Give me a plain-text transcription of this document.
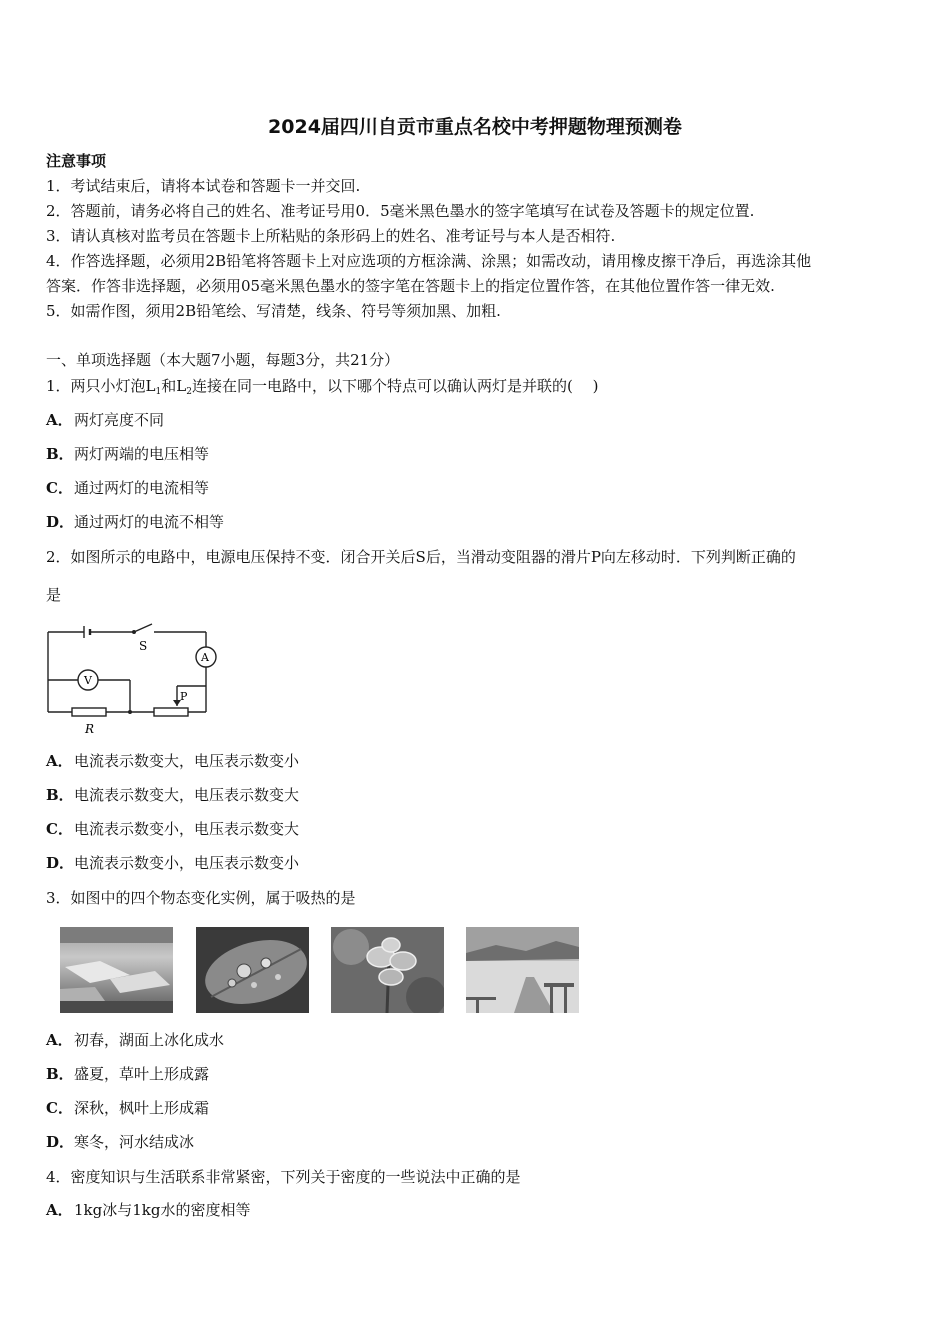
2024届四川自贡市重点名校中考押题物理预测卷
注意事项
1．考试结束后，请将本试卷和答题卡一并交回.
2．答题前，请务必将自己的姓名、准考证号用0．5毫米黑色墨水的签字笔填写在试卷及答题卡的规定位置.
3．请认真核对监考员在答题卡上所粘贴的条形码上的姓名、准考证号与本人是否相符.
4．作答选择题，必须用2B铅笔将答题卡上对应选项的方框涂满、涂黑；如需改动，请用橡皮擦干净后，再选涂其他
答案．作答非选择题，必须用05毫米黑色墨水的签字笔在答题卡上的指定位置作答，在其他位置作答一律无效.
5．如需作图，须用2B铅笔绘、写清楚，线条、符号等须加黑、加粗.
一、单项选择题（本大题7小题，每题3分，共21分）
1．两只小灯泡$L_1$和$L_2$连接在同一电路中，以下哪个特点可以确认两灯是并联的(　 )
A．两灯亮度不同
B．两灯两端的电压相等
C．通过两灯的电流相等
D．通过两灯的电流不相等
2．如图所示的电路中，电源电压保持不变．闭合开关后S后，当滑动变阻器的滑片P向左移动时．下列判断正确的
是
S
A
V
P
R
A．电流表示数变大，电压表示数变小
B．电流表示数变大，电压表示数变大
C．电流表示数变小，电压表示数变大
D．电流表示数变小，电压表示数变小
3．如图中的四个物态变化实例，属于吸热的是
A．初春，湖面上冰化成水
B．盛夏，草叶上形成露
C．深秋，枫叶上形成霜
D．寒冬，河水结成冰
4．密度知识与生活联系非常紧密，下列关于密度的一些说法中正确的是
A．1kg冰与1kg水的密度相等
